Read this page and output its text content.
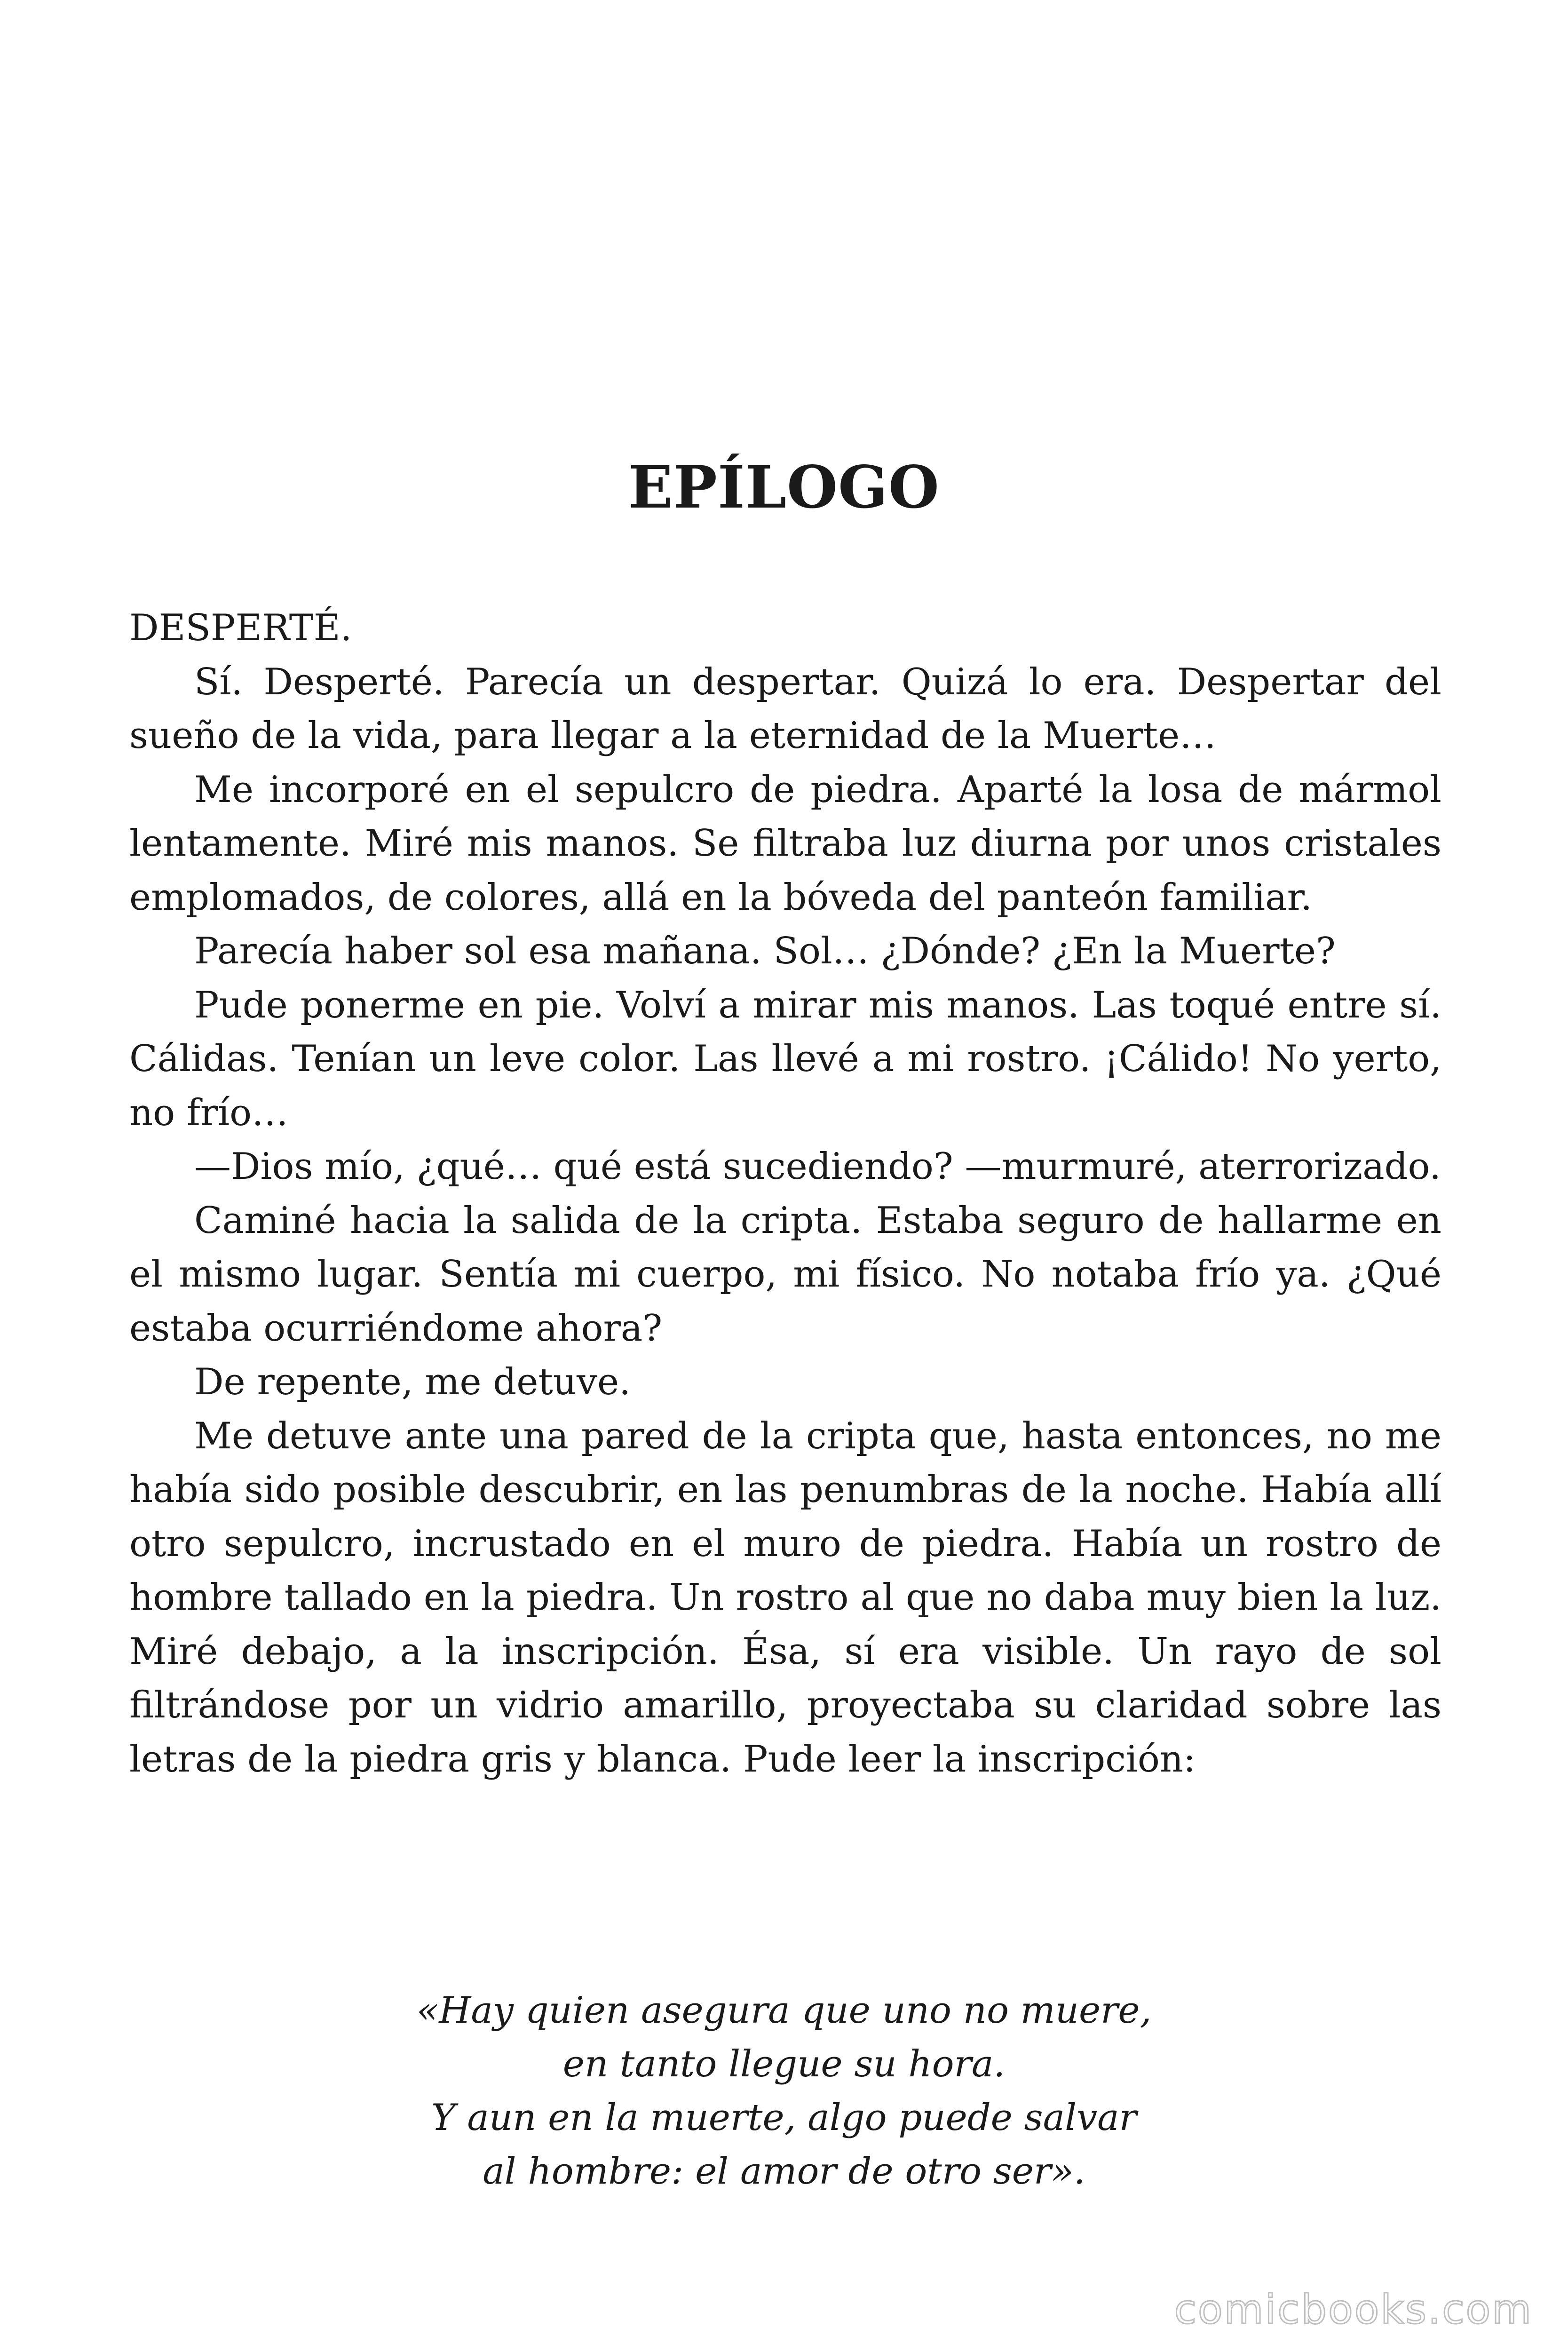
EPÍLOGO

DESPERTÉ.

Sí. Desperté. Parecía un despertar. Quizá lo era. Despertar del sueño de la vida, para llegar a la eternidad de la Muerte…

Me incorporé en el sepulcro de piedra. Aparté la losa de mármol lentamente. Miré mis manos. Se filtraba luz diurna por unos cristales emplomados, de colores, allá en la bóveda del panteón familiar.

Parecía haber sol esa mañana. Sol… ¿Dónde? ¿En la Muerte?

Pude ponerme en pie. Volví a mirar mis manos. Las toqué entre sí. Cálidas. Tenían un leve color. Las llevé a mi rostro. ¡Cálido! No yerto, no frío…

—Dios mío, ¿qué… qué está sucediendo? —murmuré, aterrorizado.

Caminé hacia la salida de la cripta. Estaba seguro de hallarme en el mismo lugar. Sentía mi cuerpo, mi físico. No notaba frío ya. ¿Qué estaba ocurriéndome ahora?

De repente, me detuve.

Me detuve ante una pared de la cripta que, hasta entonces, no me había sido posible descubrir, en las penumbras de la noche. Había allí otro sepulcro, incrustado en el muro de piedra. Había un rostro de hombre tallado en la piedra. Un rostro al que no daba muy bien la luz. Miré debajo, a la inscripción. Ésa, sí era visible. Un rayo de sol filtrándose por un vidrio amarillo, proyectaba su claridad sobre las letras de la piedra gris y blanca. Pude leer la inscripción:

«Hay quien asegura que uno no muere,
en tanto llegue su hora.
Y aun en la muerte, algo puede salvar
al hombre: el amor de otro ser».
comicbooks.com
